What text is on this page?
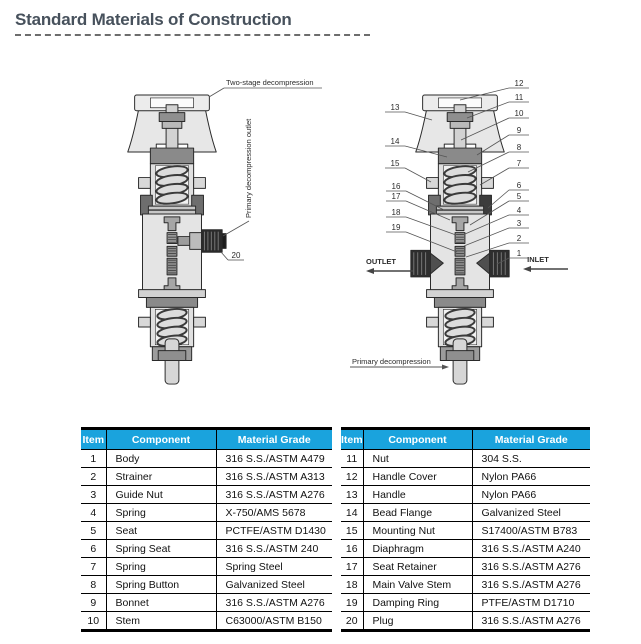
Standard Materials of Construction
Two-stage decompression
Primary decompression outlet
20
OUTLET	INLET
Primary decompression
12
11
10
9
8
7
6
5
4
3
2
1
13
14
15
16
17
18
19
Item	Component	Material Grade
1	Body	316 S.S./ASTM A479
2	Strainer	316 S.S./ASTM A313
3	Guide Nut	316 S.S./ASTM A276
4	Spring	X-750/AMS 5678
5	Seat	PCTFE/ASTM D1430
6	Spring Seat	316 S.S./ASTM 240
7	Spring	Spring Steel
8	Spring Button	Galvanized Steel
9	Bonnet	316 S.S./ASTM A276
10	Stem	C63000/ASTM B150
Item	Component	Material Grade
11	Nut	304 S.S.
12	Handle Cover	Nylon PA66
13	Handle	Nylon PA66
14	Bead Flange	Galvanized Steel
15	Mounting Nut	S17400/ASTM B783
16	Diaphragm	316 S.S./ASTM A240
17	Seat Retainer	316 S.S./ASTM A276
18	Main Valve Stem	316 S.S./ASTM A276
19	Damping Ring	PTFE/ASTM D1710
20	Plug	316 S.S./ASTM A276
